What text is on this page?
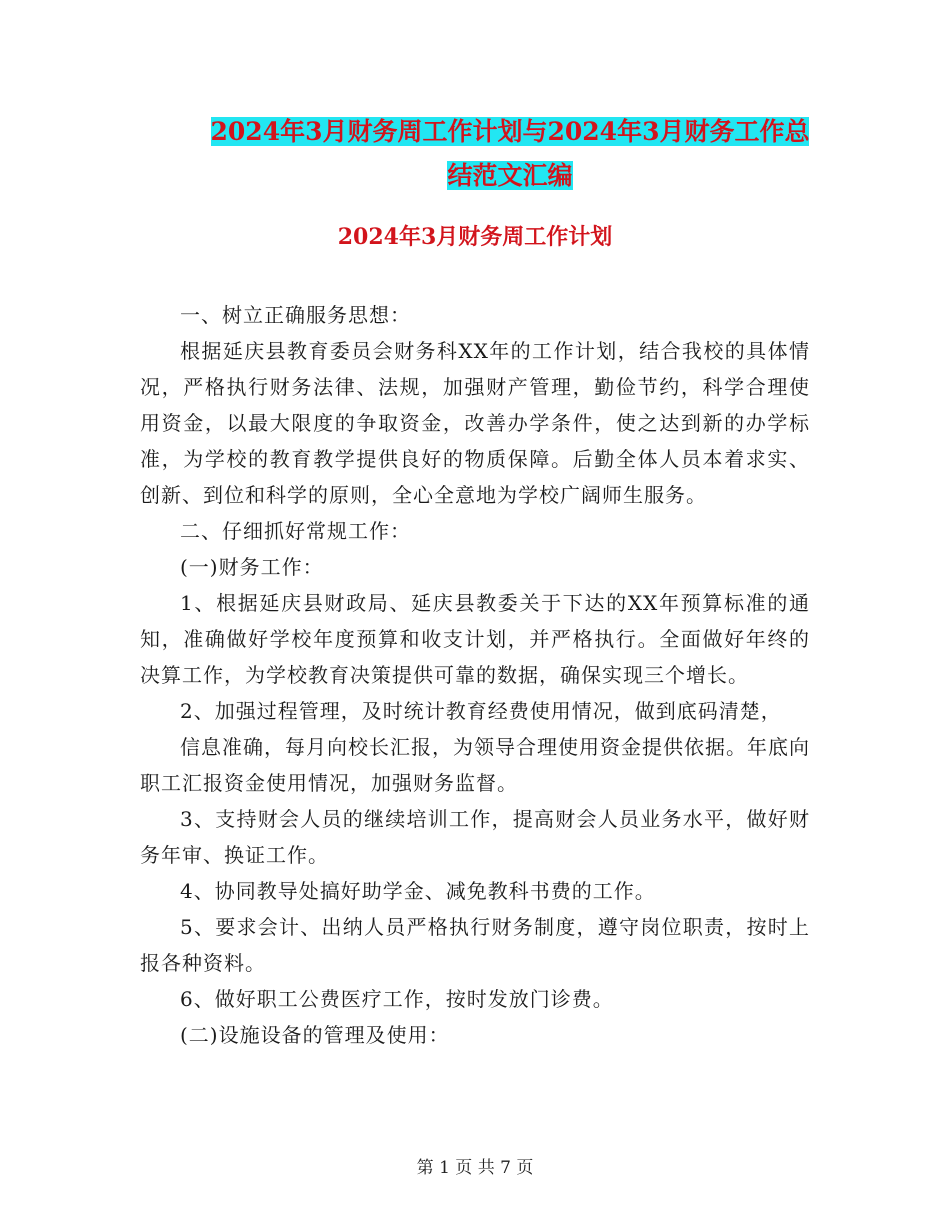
2024年3月财务周工作计划与2024年3月财务工作总
结范文汇编
2024年3月财务周工作计划

一、树立正确服务思想：

根据延庆县教育委员会财务科XX年的工作计划，结合我校的具体情况，严格执行财务法律、法规，加强财产管理，勤俭节约，科学合理使用资金，以最大限度的争取资金，改善办学条件，使之达到新的办学标准，为学校的教育教学提供良好的物质保障。后勤全体人员本着求实、创新、到位和科学的原则，全心全意地为学校广阔师生服务。

二、仔细抓好常规工作：

(一)财务工作：

1、根据延庆县财政局、延庆县教委关于下达的XX年预算标准的通知，准确做好学校年度预算和收支计划，并严格执行。全面做好年终的决算工作，为学校教育决策提供可靠的数据，确保实现三个增长。

2、加强过程管理，及时统计教育经费使用情况，做到底码清楚，

信息准确，每月向校长汇报，为领导合理使用资金提供依据。年底向职工汇报资金使用情况，加强财务监督。

3、支持财会人员的继续培训工作，提高财会人员业务水平，做好财务年审、换证工作。

4、协同教导处搞好助学金、减免教科书费的工作。

5、要求会计、出纳人员严格执行财务制度，遵守岗位职责，按时上报各种资料。

6、做好职工公费医疗工作，按时发放门诊费。

(二)设施设备的管理及使用：

第 1 页 共 7 页
